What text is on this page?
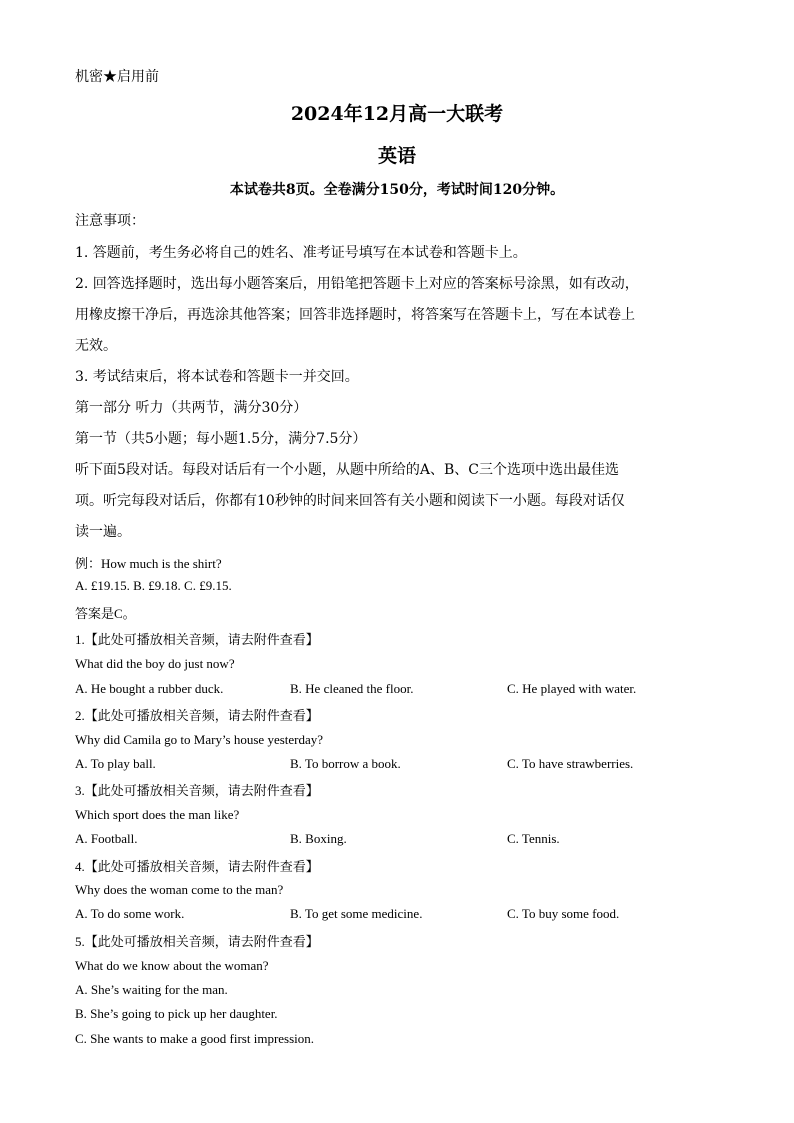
机密★启用前
2024年12月高一大联考
英语
本试卷共8页。全卷满分150分，考试时间120分钟。
注意事项：
1. 答题前，考生务必将自己的姓名、准考证号填写在本试卷和答题卡上。
2. 回答选择题时，选出每小题答案后，用铅笔把答题卡上对应的答案标号涂黑，如有改动，
用橡皮擦干净后，再选涂其他答案；回答非选择题时，将答案写在答题卡上，写在本试卷上
无效。
3. 考试结束后，将本试卷和答题卡一并交回。
第一部分 听力（共两节，满分30分）
第一节（共5小题；每小题1.5分，满分7.5分）
听下面5段对话。每段对话后有一个小题，从题中所给的A、B、C三个选项中选出最佳选
项。听完每段对话后，你都有10秒钟的时间来回答有关小题和阅读下一小题。每段对话仅
读一遍。
例：How much is the shirt?
A. £19.15. B. £9.18. C. £9.15.
答案是C。
1.【此处可播放相关音频，请去附件查看】
What did the boy do just now?
A. He bought a rubber duck.	B. He cleaned the floor.	C. He played with water.
2.【此处可播放相关音频，请去附件查看】
Why did Camila go to Mary’s house yesterday?
A. To play ball.	B. To borrow a book.	C. To have strawberries.
3.【此处可播放相关音频，请去附件查看】
Which sport does the man like?
A. Football.	B. Boxing.	C. Tennis.
4.【此处可播放相关音频，请去附件查看】
Why does the woman come to the man?
A. To do some work.	B. To get some medicine.	C. To buy some food.
5.【此处可播放相关音频，请去附件查看】
What do we know about the woman?
A. She’s waiting for the man.
B. She’s going to pick up her daughter.
C. She wants to make a good first impression.
